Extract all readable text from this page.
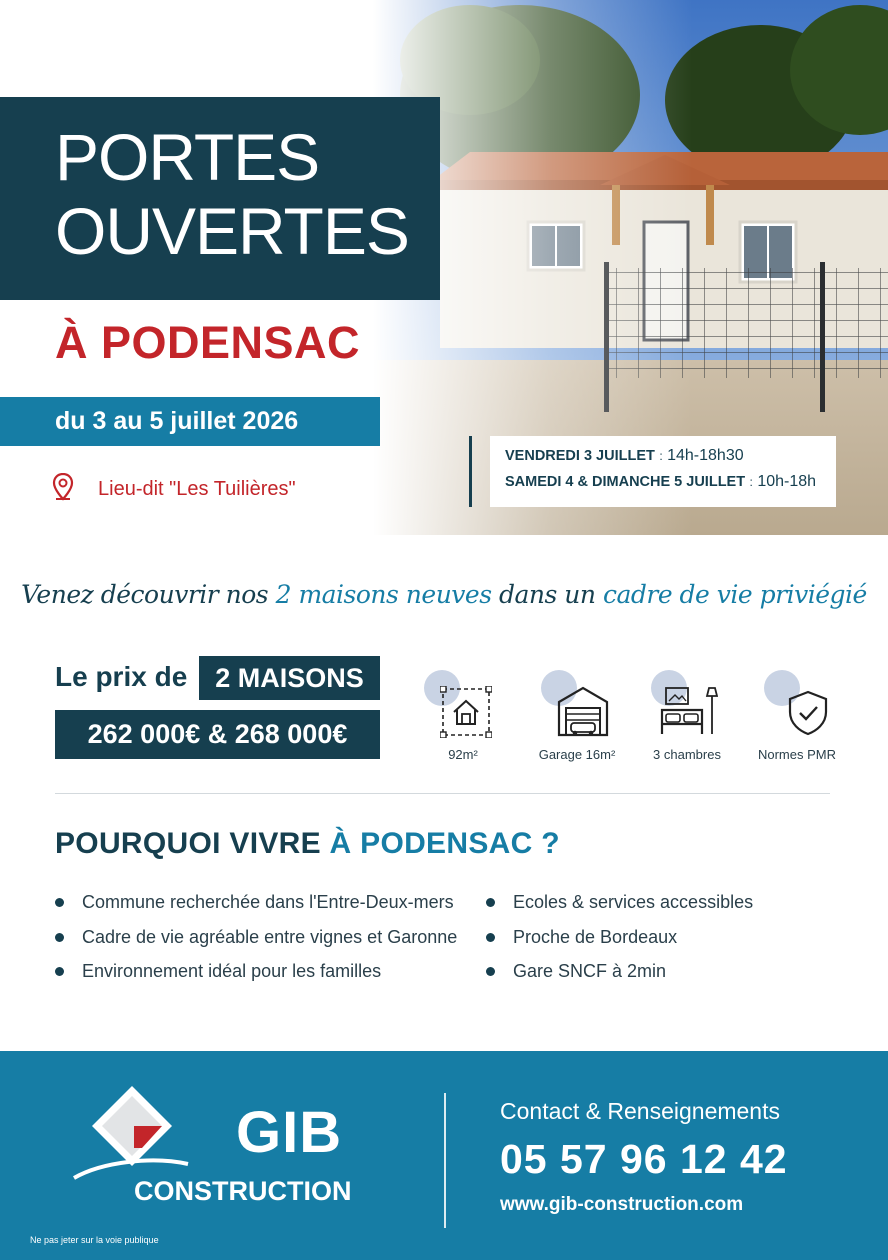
PORTES
OUVERTES
À PODENSAC
du 3 au 5 juillet 2026
Lieu-dit "Les Tuilières"
VENDREDI 3 JUILLET : 14h-18h30
SAMEDI 4 & DIMANCHE 5 JUILLET : 10h-18h
Venez découvrir nos 2 maisons neuves dans un cadre de vie priviégié
Le prix de	2 MAISONS
262 000€ & 268 000€
92m²	Garage 16m²	3 chambres	Normes PMR
POURQUOI VIVRE À PODENSAC ?
Commune recherchée dans l'Entre-Deux-mers
Cadre de vie agréable entre vignes et Garonne
Environnement idéal pour les familles
Ecoles & services accessibles
Proche de Bordeaux
Gare SNCF à 2min
GIB
CONSTRUCTION
Contact & Renseignements
05 57 96 12 42
www.gib-construction.com
Ne pas jeter sur la voie publique
